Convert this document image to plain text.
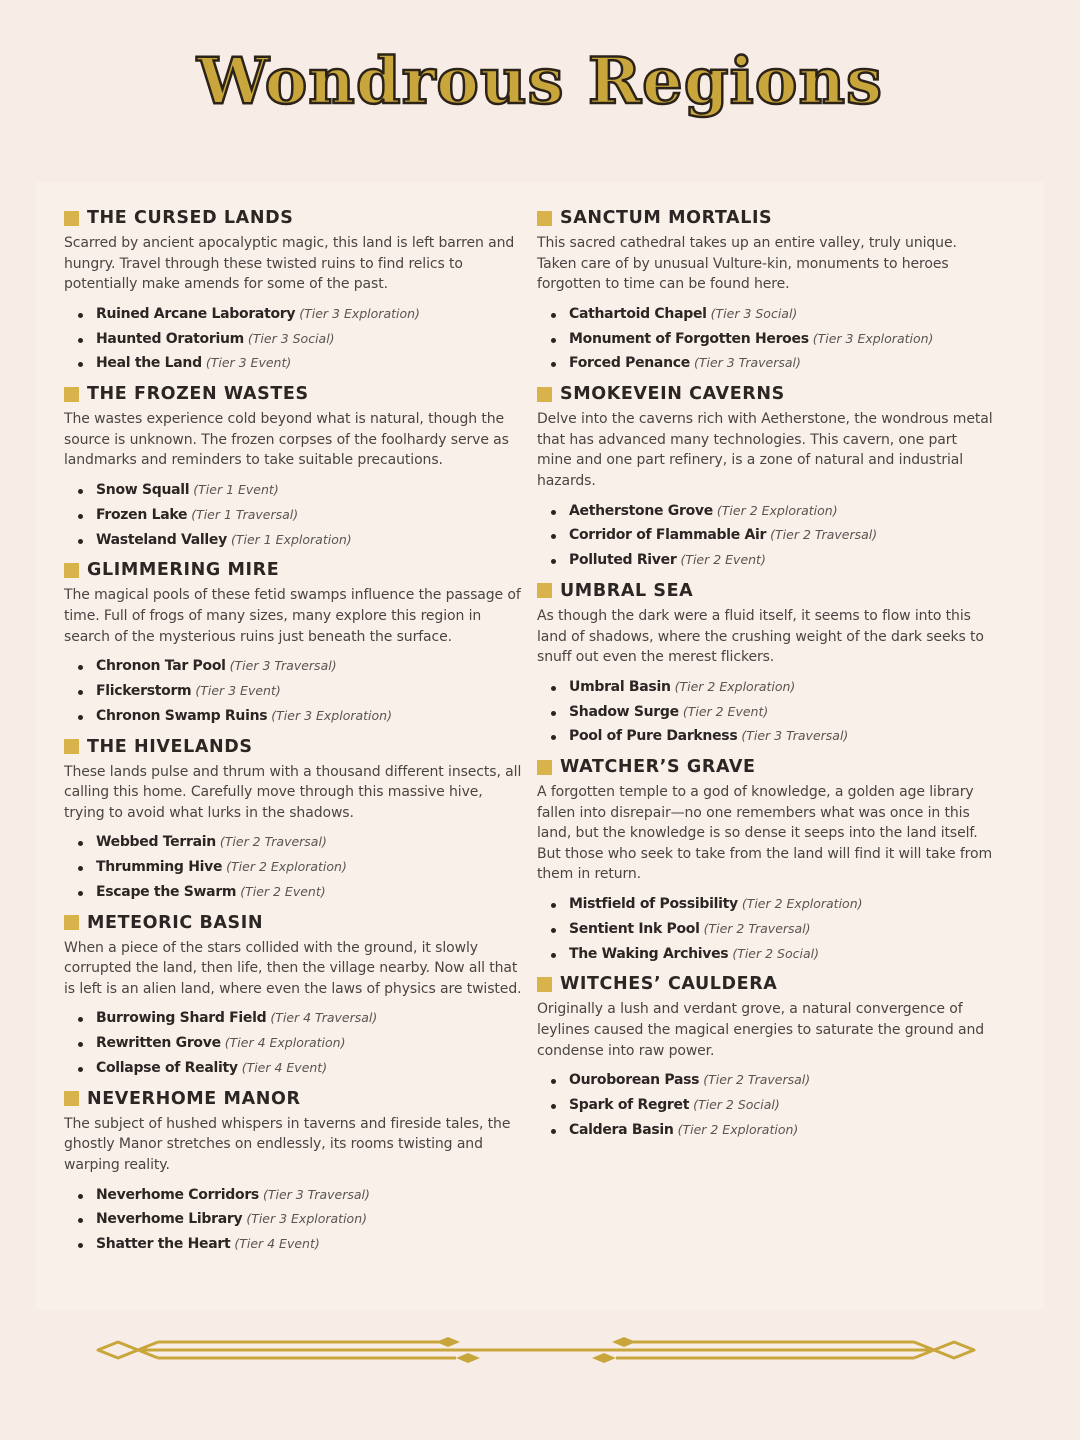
Wondrous Regions
THE CURSED LANDS

Scarred by ancient apocalyptic magic, this land is left barren and hungry. Travel through these twisted ruins to find relics to potentially make amends for some of the past.

Ruined Arcane Laboratory (Tier 3 Exploration)
Haunted Oratorium (Tier 3 Social)
Heal the Land (Tier 3 Event)
THE FROZEN WASTES

The wastes experience cold beyond what is natural, though the source is unknown. The frozen corpses of the foolhardy serve as landmarks and reminders to take suitable precautions.

Snow Squall (Tier 1 Event)
Frozen Lake (Tier 1 Traversal)
Wasteland Valley (Tier 1 Exploration)
GLIMMERING MIRE

The magical pools of these fetid swamps influence the passage of time. Full of frogs of many sizes, many explore this region in search of the mysterious ruins just beneath the surface.

Chronon Tar Pool (Tier 3 Traversal)
Flickerstorm (Tier 3 Event)
Chronon Swamp Ruins (Tier 3 Exploration)
THE HIVELANDS

These lands pulse and thrum with a thousand different insects, all calling this home. Carefully move through this massive hive, trying to avoid what lurks in the shadows.

Webbed Terrain (Tier 2 Traversal)
Thrumming Hive (Tier 2 Exploration)
Escape the Swarm (Tier 2 Event)
METEORIC BASIN

When a piece of the stars collided with the ground, it slowly corrupted the land, then life, then the village nearby. Now all that is left is an alien land, where even the laws of physics are twisted.

Burrowing Shard Field (Tier 4 Traversal)
Rewritten Grove (Tier 4 Exploration)
Collapse of Reality (Tier 4 Event)
NEVERHOME MANOR

The subject of hushed whispers in taverns and fireside tales, the ghostly Manor stretches on endlessly, its rooms twisting and warping reality.

Neverhome Corridors (Tier 3 Traversal)
Neverhome Library (Tier 3 Exploration)
Shatter the Heart (Tier 4 Event)
SANCTUM MORTALIS

This sacred cathedral takes up an entire valley, truly unique. Taken care of by unusual Vulture-kin, monuments to heroes forgotten to time can be found here.

Cathartoid Chapel (Tier 3 Social)
Monument of Forgotten Heroes (Tier 3 Exploration)
Forced Penance (Tier 3 Traversal)
SMOKEVEIN CAVERNS

Delve into the caverns rich with Aetherstone, the wondrous metal that has advanced many technologies. This cavern, one part mine and one part refinery, is a zone of natural and industrial hazards.

Aetherstone Grove (Tier 2 Exploration)
Corridor of Flammable Air (Tier 2 Traversal)
Polluted River (Tier 2 Event)
UMBRAL SEA

As though the dark were a fluid itself, it seems to flow into this land of shadows, where the crushing weight of the dark seeks to snuff out even the merest flickers.

Umbral Basin (Tier 2 Exploration)
Shadow Surge (Tier 2 Event)
Pool of Pure Darkness (Tier 3 Traversal)
WATCHER’S GRAVE

A forgotten temple to a god of knowledge, a golden age library fallen into disrepair—no one remembers what was once in this land, but the knowledge is so dense it seeps into the land itself. But those who seek to take from the land will find it will take from them in return.

Mistfield of Possibility (Tier 2 Exploration)
Sentient Ink Pool (Tier 2 Traversal)
The Waking Archives (Tier 2 Social)
WITCHES’ CAULDERA

Originally a lush and verdant grove, a natural convergence of leylines caused the magical energies to saturate the ground and condense into raw power.

Ouroborean Pass (Tier 2 Traversal)
Spark of Regret (Tier 2 Social)
Caldera Basin (Tier 2 Exploration)
